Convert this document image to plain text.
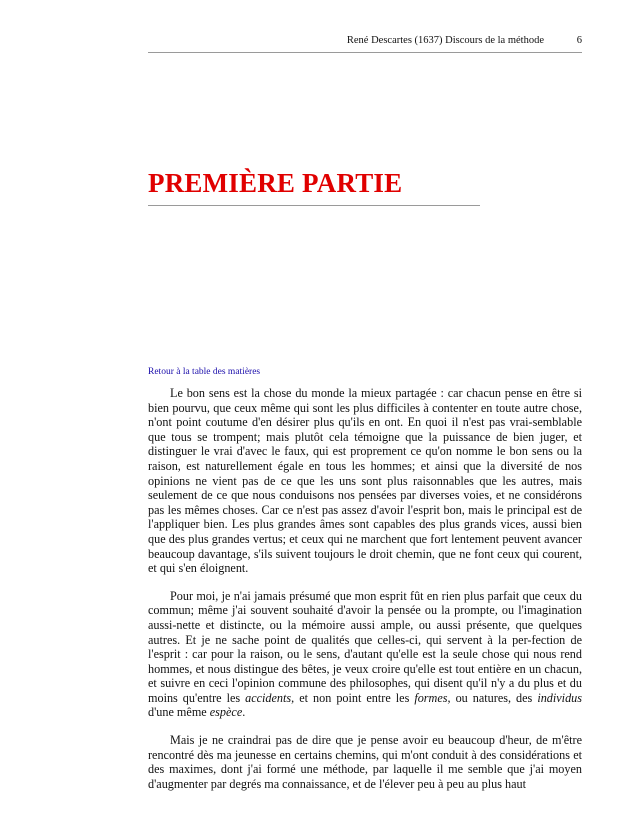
René Descartes (1637) Discours de la méthode	6
PREMIÈRE PARTIE
Retour à la table des matières

Le bon sens est la chose du monde la mieux partagée : car chacun pense en être si bien pourvu, que ceux même qui sont les plus difficiles à contenter en toute autre chose, n'ont point coutume d'en désirer plus qu'ils en ont. En quoi il n'est pas vrai-semblable que tous se trompent; mais plutôt cela témoigne que la puissance de bien juger, et distinguer le vrai d'avec le faux, qui est proprement ce qu'on nomme le bon sens ou la raison, est naturellement égale en tous les hommes; et ainsi que la diversité de nos opinions ne vient pas de ce que les uns sont plus raisonnables que les autres, mais seulement de ce que nous conduisons nos pensées par diverses voies, et ne considérons pas les mêmes choses. Car ce n'est pas assez d'avoir l'esprit bon, mais le principal est de l'appliquer bien. Les plus grandes âmes sont capables des plus grands vices, aussi bien que des plus grandes vertus; et ceux qui ne marchent que fort lentement peuvent avancer beaucoup davantage, s'ils suivent toujours le droit chemin, que ne font ceux qui courent, et qui s'en éloignent.

Pour moi, je n'ai jamais présumé que mon esprit fût en rien plus parfait que ceux du commun; même j'ai souvent souhaité d'avoir la pensée ou la prompte, ou l'imagination aussi-nette et distincte, ou la mémoire aussi ample, ou aussi présente, que quelques autres. Et je ne sache point de qualités que celles-ci, qui servent à la per-fection de l'esprit : car pour la raison, ou le sens, d'autant qu'elle est la seule chose qui nous rend hommes, et nous distingue des bêtes, je veux croire qu'elle est tout entière en un chacun, et suivre en ceci l'opinion commune des philosophes, qui disent qu'il n'y a du plus et du moins qu'entre les accidents, et non point entre les formes, ou natures, des individus d'une même espèce.

Mais je ne craindrai pas de dire que je pense avoir eu beaucoup d'heur, de m'être rencontré dès ma jeunesse en certains chemins, qui m'ont conduit à des considérations et des maximes, dont j'ai formé une méthode, par laquelle il me semble que j'ai moyen d'augmenter par degrés ma connaissance, et de l'élever peu à peu au plus haut
